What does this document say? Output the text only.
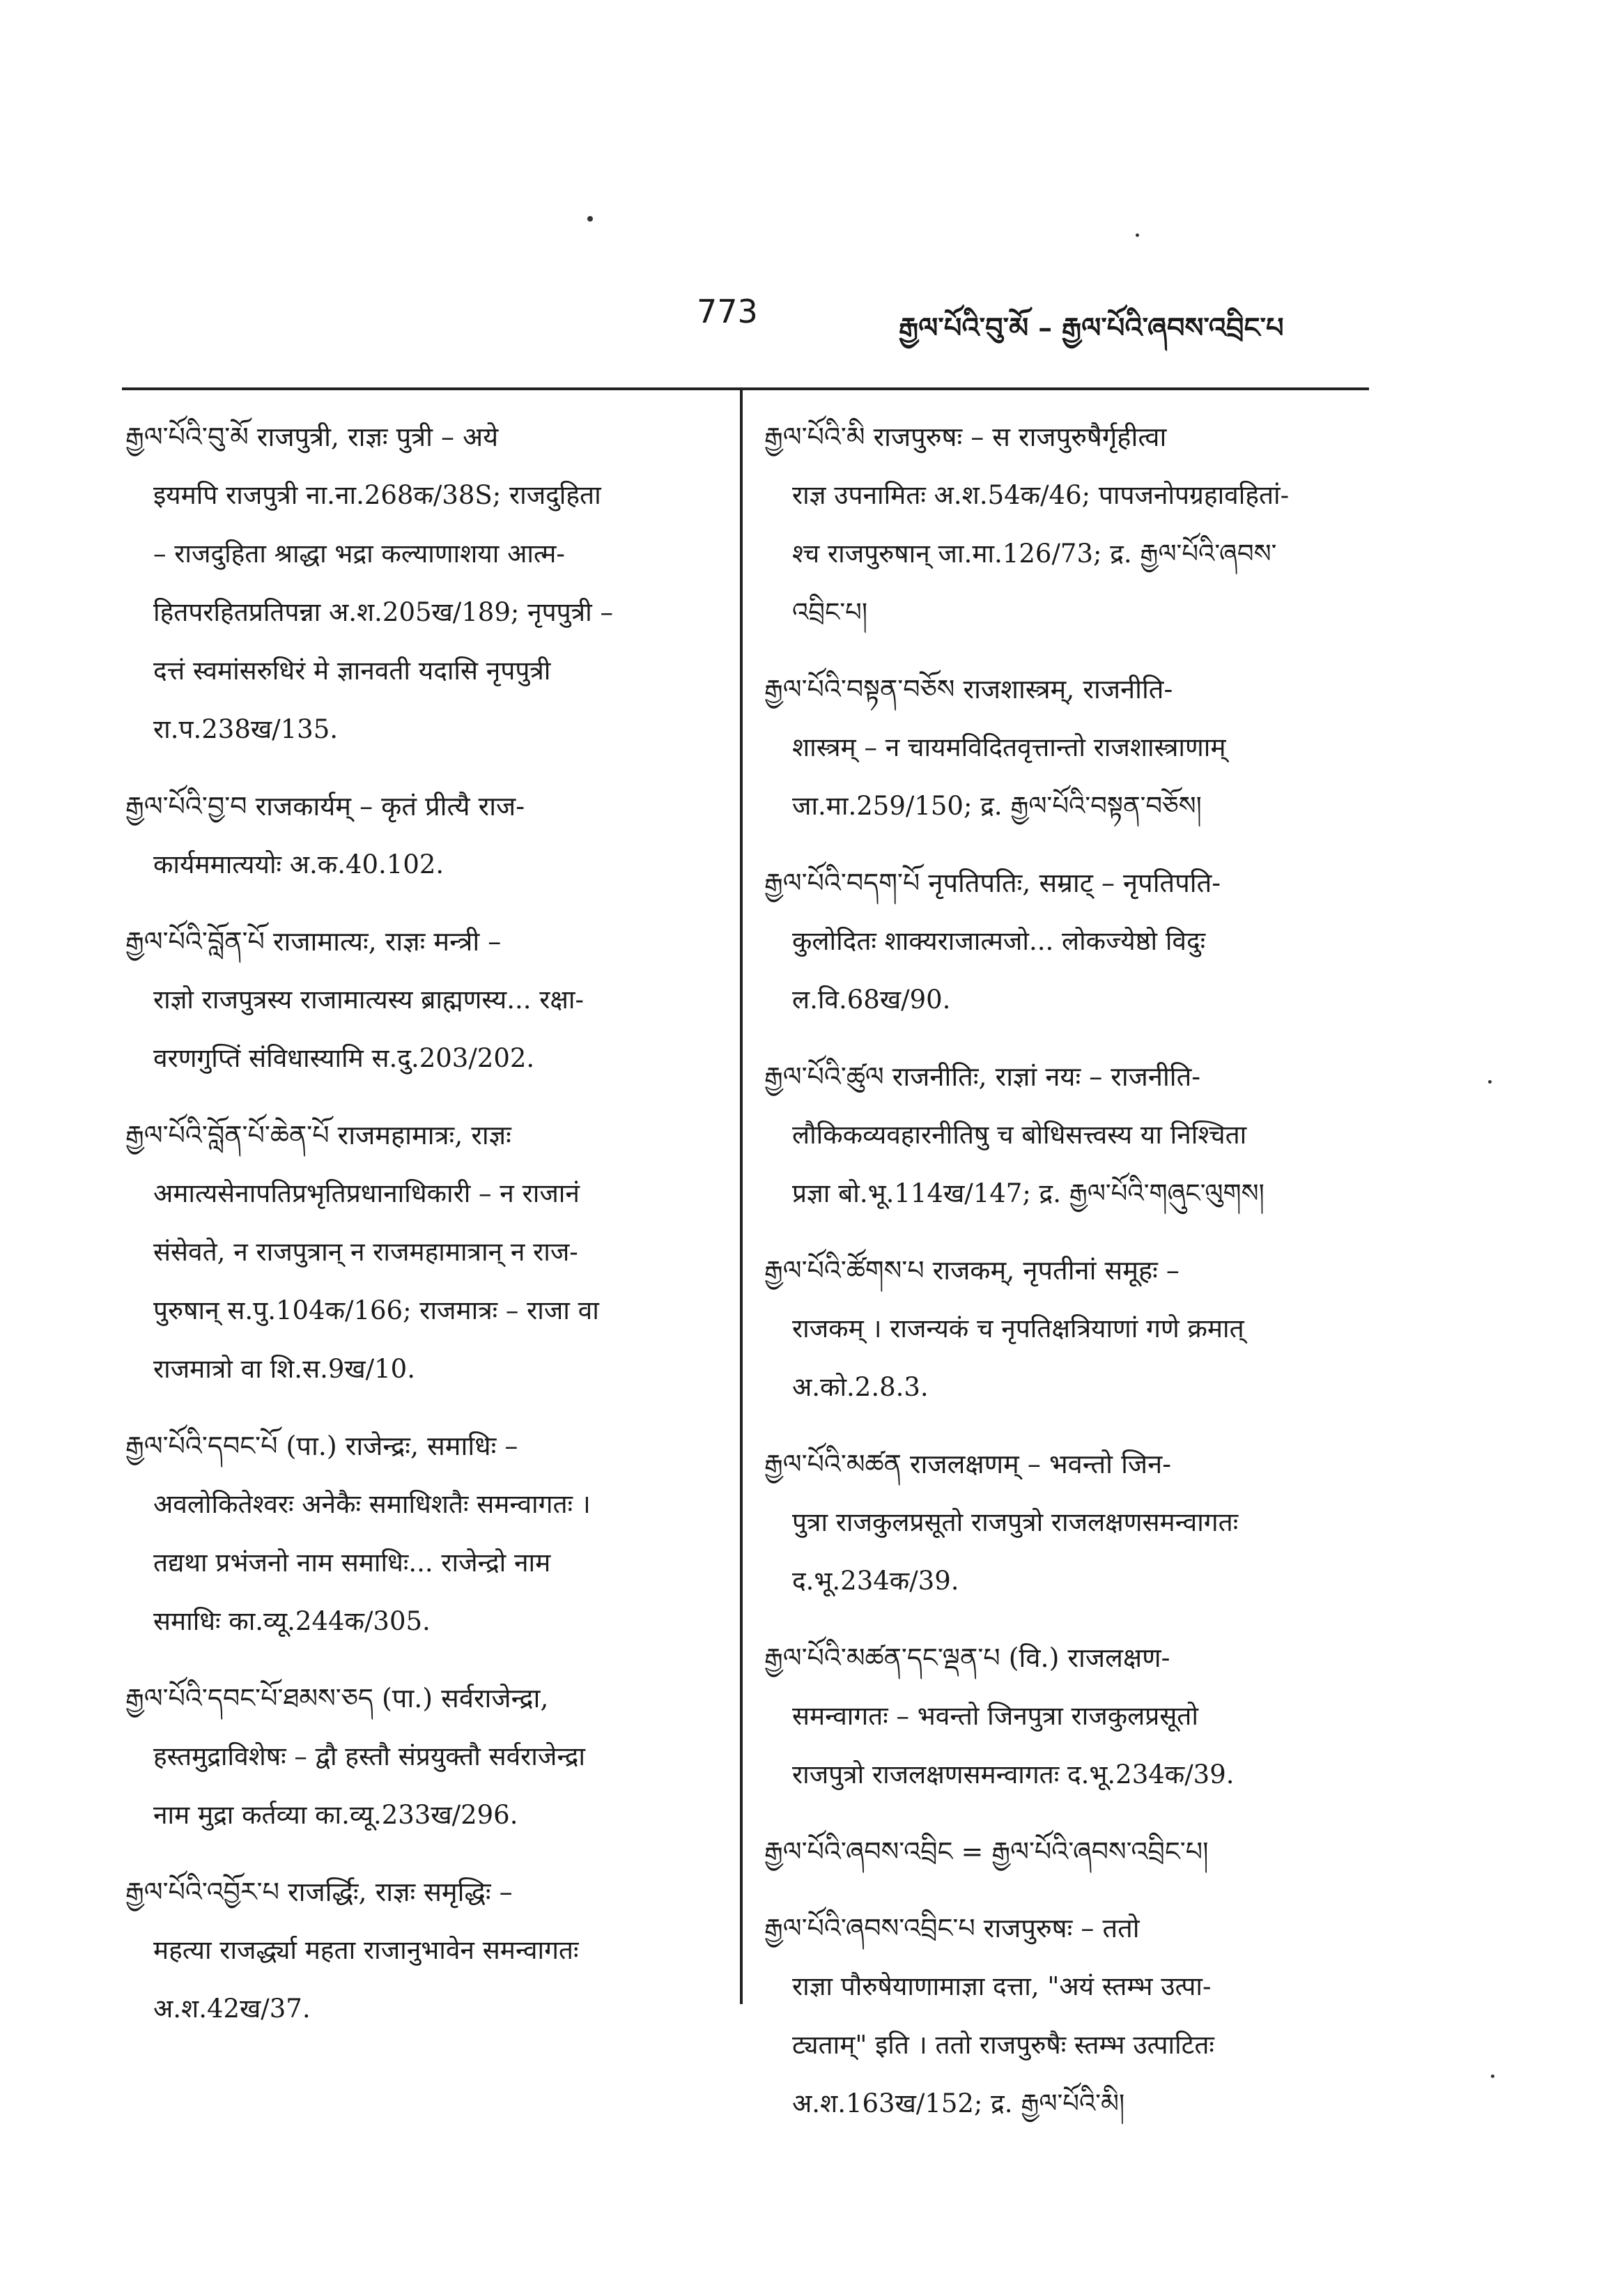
773	རྒྱལ་པོའི་བུ་མོ – རྒྱལ་པོའི་ཞབས་འབྲིང་པ
རྒྱལ་པོའི་བུ་མོ राजपुत्री, राज्ञः पुत्री – अये
इयमपि राजपुत्री ना.ना.268क/38S; राजदुहिता
– राजदुहिता श्राद्धा भद्रा कल्याणाशया आत्म-
हितपरहितप्रतिपन्ना अ.श.205ख/189; नृपपुत्री –
दत्तं स्वमांसरुधिरं मे ज्ञानवती यदासि नृपपुत्री
रा.प.238ख/135.
རྒྱལ་པོའི་བྱ་བ राजकार्यम् – कृतं प्रीत्यै राज-
कार्यममात्ययोः अ.क.40.102.
རྒྱལ་པོའི་བློན་པོ राजामात्यः, राज्ञः मन्त्री –
राज्ञो राजपुत्रस्य राजामात्यस्य ब्राह्मणस्य... रक्षा-
वरणगुप्तिं संविधास्यामि स.दु.203/202.
རྒྱལ་པོའི་བློན་པོ་ཆེན་པོ राजमहामात्रः, राज्ञः
अमात्यसेनापतिप्रभृतिप्रधानाधिकारी – न राजानं
संसेवते, न राजपुत्रान् न राजमहामात्रान् न राज-
पुरुषान् स.पु.104क/166; राजमात्रः – राजा वा
राजमात्रो वा शि.स.9ख/10.
རྒྱལ་པོའི་དབང་པོ (पा.) राजेन्द्रः, समाधिः –
अवलोकितेश्वरः अनेकैः समाधिशतैः समन्वागतः ।
तद्यथा प्रभंजनो नाम समाधिः... राजेन्द्रो नाम
समाधिः का.व्यू.244क/305.
རྒྱལ་པོའི་དབང་པོ་ཐམས་ཅད (पा.) सर्वराजेन्द्रा,
हस्तमुद्राविशेषः – द्वौ हस्तौ संप्रयुक्तौ सर्वराजेन्द्रा
नाम मुद्रा कर्तव्या का.व्यू.233ख/296.
རྒྱལ་པོའི་འབྱོར་པ राजर्द्धिः, राज्ञः समृद्धिः –
महत्या राजर्द्ध्या महता राजानुभावेन समन्वागतः
अ.श.42ख/37.
རྒྱལ་པོའི་མི राजपुरुषः – स राजपुरुषैर्गृहीत्वा
राज्ञ उपनामितः अ.श.54क/46; पापजनोपग्रहावहितां-
श्च राजपुरुषान् जा.मा.126/73; द्र. རྒྱལ་པོའི་ཞབས་
འབྲིང་པ།
རྒྱལ་པོའི་བསྟན་བཅོས राजशास्त्रम्, राजनीति-
शास्त्रम् – न चायमविदितवृत्तान्तो राजशास्त्राणाम्
जा.मा.259/150; द्र. རྒྱལ་པོའི་བསྟན་བཅོས།
རྒྱལ་པོའི་བདག་པོ नृपतिपतिः, सम्राट् – नृपतिपति-
कुलोदितः शाक्यराजात्मजो... लोकज्येष्ठो विदुः
ल.वि.68ख/90.
རྒྱལ་པོའི་ཚུལ राजनीतिः, राज्ञां नयः – राजनीति-
लौकिकव्यवहारनीतिषु च बोधिसत्त्वस्य या निश्चिता
प्रज्ञा बो.भू.114ख/147; द्र. རྒྱལ་པོའི་གཞུང་ལུགས།
རྒྱལ་པོའི་ཚོགས་པ राजकम्, नृपतीनां समूहः –
राजकम् । राजन्यकं च नृपतिक्षत्रियाणां गणे क्रमात्
अ.को.2.8.3.
རྒྱལ་པོའི་མཚན राजलक्षणम् – भवन्तो जिन-
पुत्रा राजकुलप्रसूतो राजपुत्रो राजलक्षणसमन्वागतः
द.भू.234क/39.
རྒྱལ་པོའི་མཚན་དང་ལྡན་པ (वि.) राजलक्षण-
समन्वागतः – भवन्तो जिनपुत्रा राजकुलप्रसूतो
राजपुत्रो राजलक्षणसमन्वागतः द.भू.234क/39.
རྒྱལ་པོའི་ཞབས་འབྲིང = རྒྱལ་པོའི་ཞབས་འབྲིང་པ།
རྒྱལ་པོའི་ཞབས་འབྲིང་པ राजपुरुषः – ततो
राज्ञा पौरुषेयाणामाज्ञा दत्ता, "अयं स्तम्भ उत्पा-
ट्यताम्" इति । ततो राजपुरुषैः स्तम्भ उत्पाटितः
अ.श.163ख/152; द्र. རྒྱལ་པོའི་མི།
